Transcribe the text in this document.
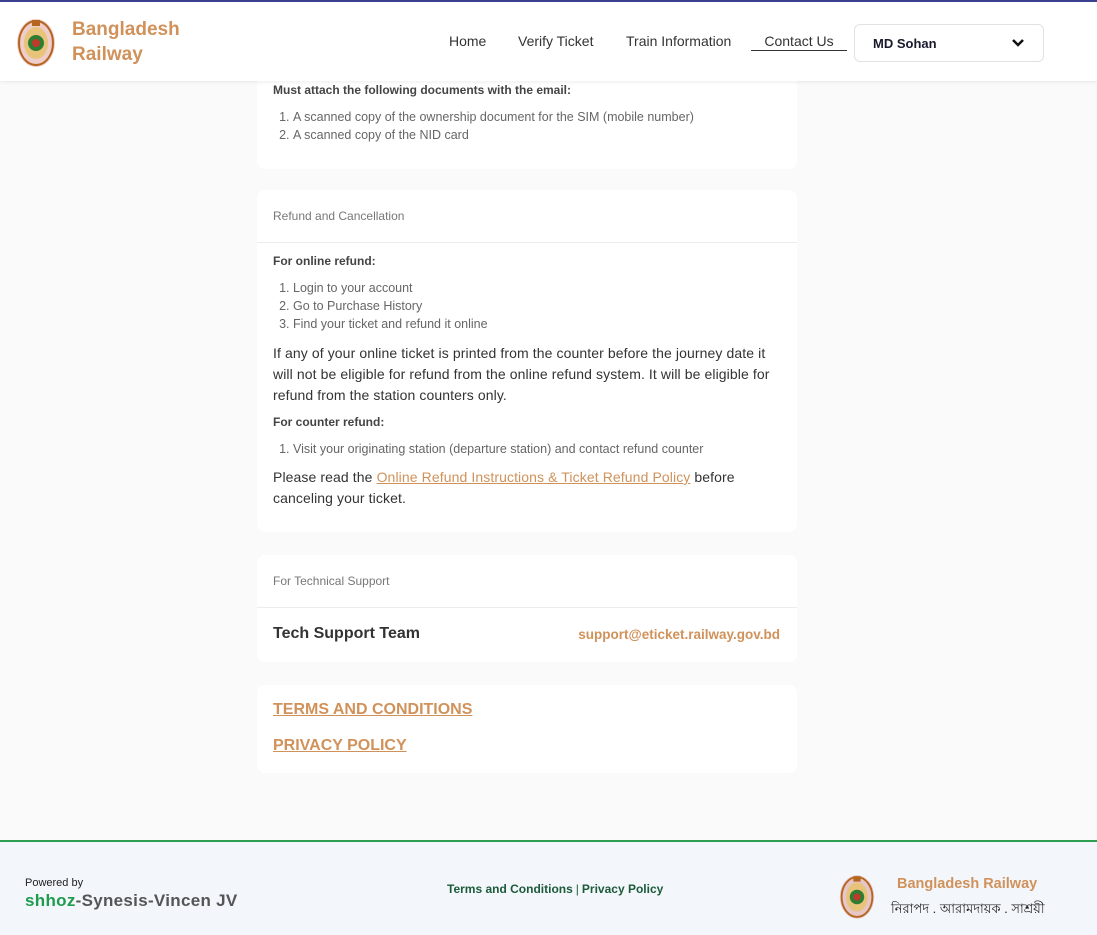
Bangladesh
Railway
Home Verify Ticket Train Information	Contact Us	MD Sohan
Must attach the following documents with the email:
1. A scanned copy of the ownership document for the SIM (mobile number)
2. A scanned copy of the NID card
Refund and Cancellation
For online refund:
1. Login to your account
2. Go to Purchase History
3. Find your ticket and refund it online
If any of your online ticket is printed from the counter before the journey date it will not be eligible for refund from the online refund system. It will be eligible for refund from the station counters only.
For counter refund:
1. Visit your originating station (departure station) and contact refund counter
Please read the Online Refund Instructions & Ticket Refund Policy before canceling your ticket.
For Technical Support
Tech Support Team	support@eticket.railway.gov.bd
TERMS AND CONDITIONS
PRIVACY POLICY
Powered by
shhoz-Synesis-Vincen JV
Terms and Conditions | Privacy Policy	Bangladesh Railway
নিরাপদ . আরামদায়ক . সাশ্রয়ী
